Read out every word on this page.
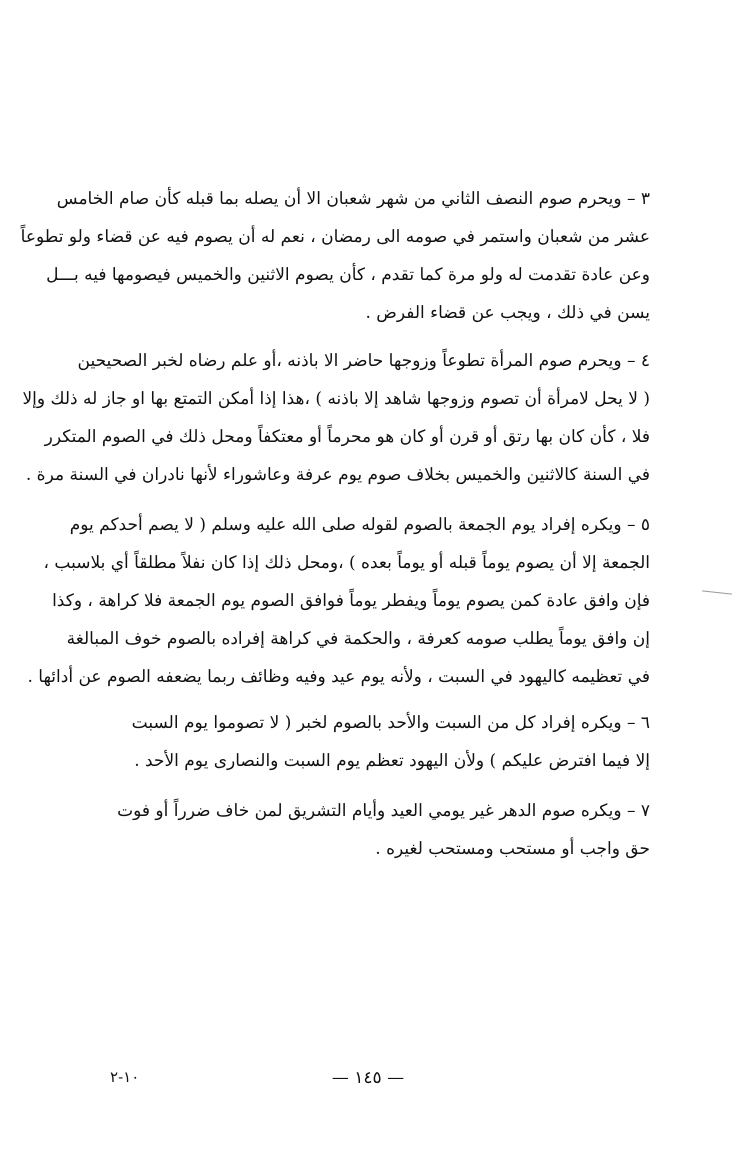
٣ – ويحرم صوم النصف الثاني من شهر شعبان الا أن يصله بما قبله كأن صام الخامس
عشر من شعبان واستمر في صومه الى رمضان ، نعم له أن يصوم فيه عن قضاء ولو تطوعاً
وعن عادة تقدمت له ولو مرة كما تقدم ، كأن يصوم الاثنين والخميس فيصومها فيه بـــل
يسن في ذلك ، ويجب عن قضاء الفرض .
٤ – ويحرم صوم المرأة تطوعاً وزوجها حاضر الا باذنه ،أو علم رضاه لخبر الصحيحين
( لا يحل لامرأة أن تصوم وزوجها شاهد إلا باذنه ) ،هذا إذا أمكن التمتع بها او جاز له ذلك وإلا
فلا ، كأن كان بها رتق أو قرن أو كان هو محرماً أو معتكفاً ومحل ذلك في الصوم المتكرر
في السنة كالاثنين والخميس بخلاف صوم يوم عرفة وعاشوراء لأنها نادران في السنة مرة .
٥ – ويكره إفراد يوم الجمعة بالصوم لقوله صلى الله عليه وسلم ( لا يصم أحدكم يوم
الجمعة إلا أن يصوم يوماً قبله أو يوماً بعده ) ،ومحل ذلك إذا كان نفلاً مطلقاً أي بلاسبب ،
فإن وافق عادة كمن يصوم يوماً ويفطر يوماً فوافق الصوم يوم الجمعة فلا كراهة ، وكذا
إن وافق يوماً يطلب صومه كعرفة ، والحكمة في كراهة إفراده بالصوم خوف المبالغة
في تعظيمه كاليهود في السبت ، ولأنه يوم عيد وفيه وظائف ربما يضعفه الصوم عن أدائها .
٦ – ويكره إفراد كل من السبت والأحد بالصوم لخبر ( لا تصوموا يوم السبت
إلا فيما افترض عليكم ) ولأن اليهود تعظم يوم السبت والنصارى يوم الأحد .
٧ – ويكره صوم الدهر غير يومي العيد وأيام التشريق لمن خاف ضرراً أو فوت
حق واجب أو مستحب ومستحب لغيره .
١٠-٢	— ١٤٥ —
